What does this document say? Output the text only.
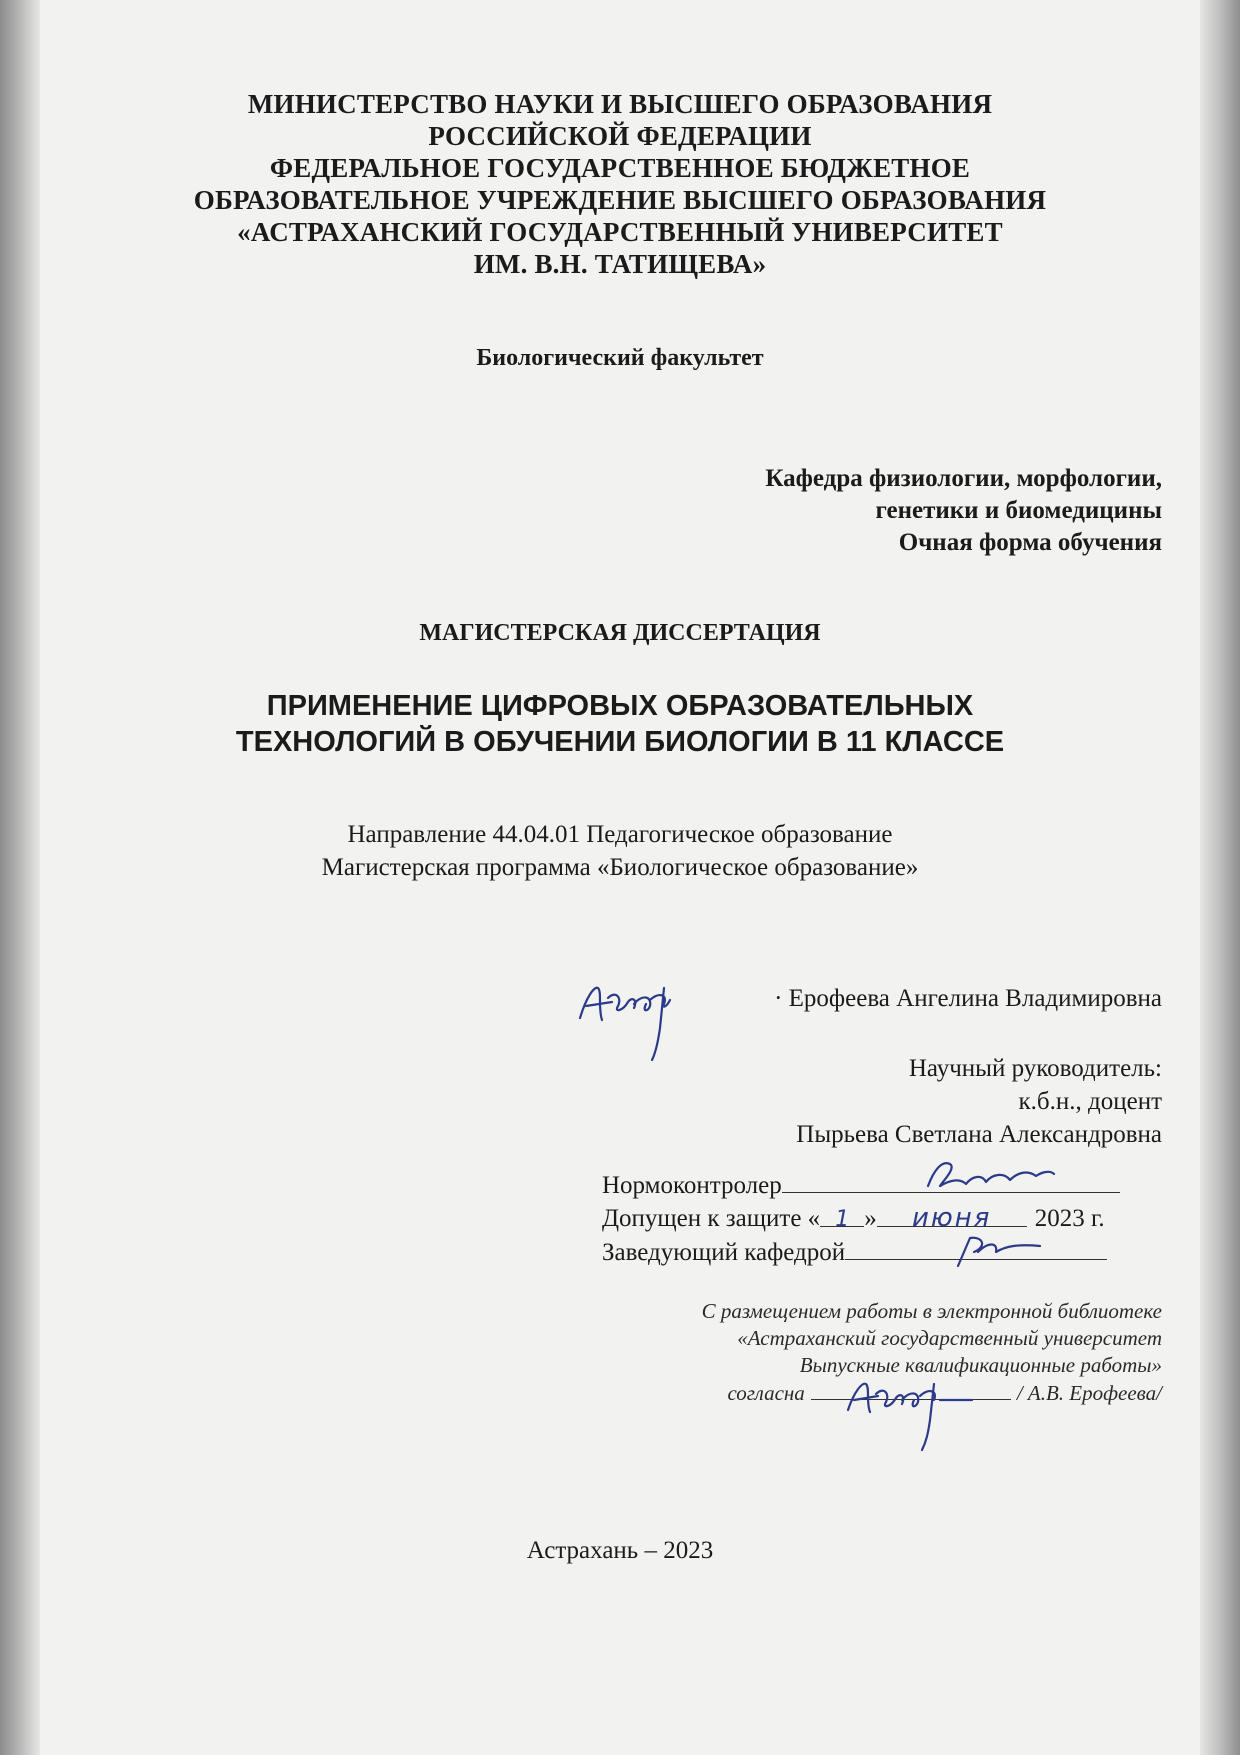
МИНИСТЕРСТВО НАУКИ И ВЫСШЕГО ОБРАЗОВАНИЯ
РОССИЙСКОЙ ФЕДЕРАЦИИ
ФЕДЕРАЛЬНОЕ ГОСУДАРСТВЕННОЕ БЮДЖЕТНОЕ
ОБРАЗОВАТЕЛЬНОЕ УЧРЕЖДЕНИЕ ВЫСШЕГО ОБРАЗОВАНИЯ
«АСТРАХАНСКИЙ ГОСУДАРСТВЕННЫЙ УНИВЕРСИТЕТ
ИМ. В.Н. ТАТИЩЕВА»
Биологический факультет
Кафедра физиологии, морфологии,
генетики и биомедицины
Очная форма обучения
МАГИСТЕРСКАЯ ДИССЕРТАЦИЯ
ПРИМЕНЕНИЕ ЦИФРОВЫХ ОБРАЗОВАТЕЛЬНЫХ
ТЕХНОЛОГИЙ В ОБУЧЕНИИ БИОЛОГИИ В 11 КЛАССЕ
Направление 44.04.01 Педагогическое образование
Магистерская программа «Биологическое образование»
· Ерофеева Ангелина Владимировна
Научный руководитель:
к.б.н., доцент
Пырьева Светлана Александровна
Нормоконтролер
Допущен к защите « 1 »	июня	2023 г.
Заведующий кафедрой
С размещением работы в электронной библиотеке
«Астраханский государственный университет
Выпускные квалификационные работы»
согласна	/ А.В. Ерофеева/
Астрахань – 2023
